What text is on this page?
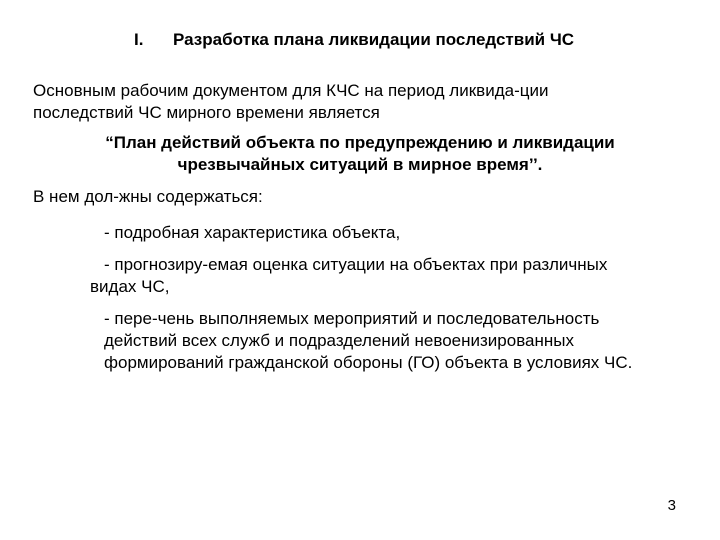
I. Разработка плана ликвидации последствий ЧС
Основным рабочим документом для КЧС на период ликвида-ции
последствий ЧС мирного времени является
“План действий объекта по предупреждению и ликвидации
чрезвычайных ситуаций в мирное время’’.
В нем дол-жны содержаться:
- подробная характеристика объекта,
- прогнозиру-емая оценка ситуации на объектах при различных
видах ЧС,
- пере-чень выполняемых мероприятий и последовательность
действий всех служб и подразделений невоенизированных
формирований гражданской обороны (ГО) объекта в условиях ЧС.
3
